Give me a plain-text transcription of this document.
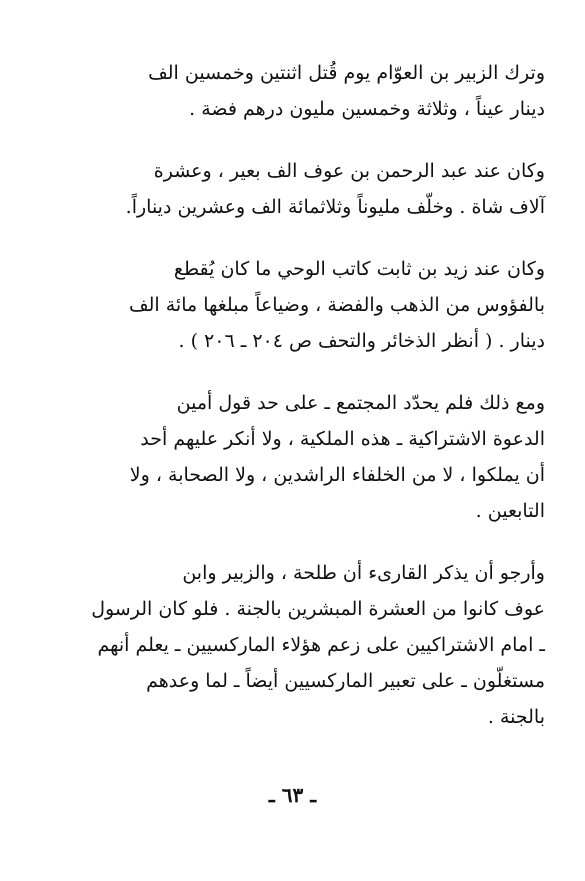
وترك الزبير بن العوّام يوم قُتل اثنتين وخمسين الف
دينار عيناً ، وثلاثة وخمسين مليون درهم فضة .
وكان عند عبد الرحمن بن عوف الف بعير ، وعشرة
آلاف شاة . وخلّف مليوناً وثلاثمائة الف وعشرين ديناراً.
وكان عند زيد بن ثابت كاتب الوحي ما كان يُقطع
بالفؤوس من الذهب والفضة ، وضياعاً مبلغها مائة الف
دينار . ( أنظر الذخائر والتحف ص ٢٠٤ ـ ٢٠٦ ) .
ومع ذلك فلم يحدّد المجتمع ـ على حد قول أمين
الدعوة الاشتراكية ـ هذه الملكية ، ولا أنكر عليهم أحد
أن يملكوا ، لا من الخلفاء الراشدين ، ولا الصحابة ، ولا
التابعين .
وأرجو أن يذكر القارىء أن طلحة ، والزبير وابن
عوف كانوا من العشرة المبشرين بالجنة . فلو كان الرسول
ـ امام الاشتراكيين على زعم هؤلاء الماركسيين ـ يعلم أنهم
مستغلّون ـ على تعبير الماركسيين أيضاً ـ لما وعدهم
بالجنة .
ـ ٦٣ ـ
